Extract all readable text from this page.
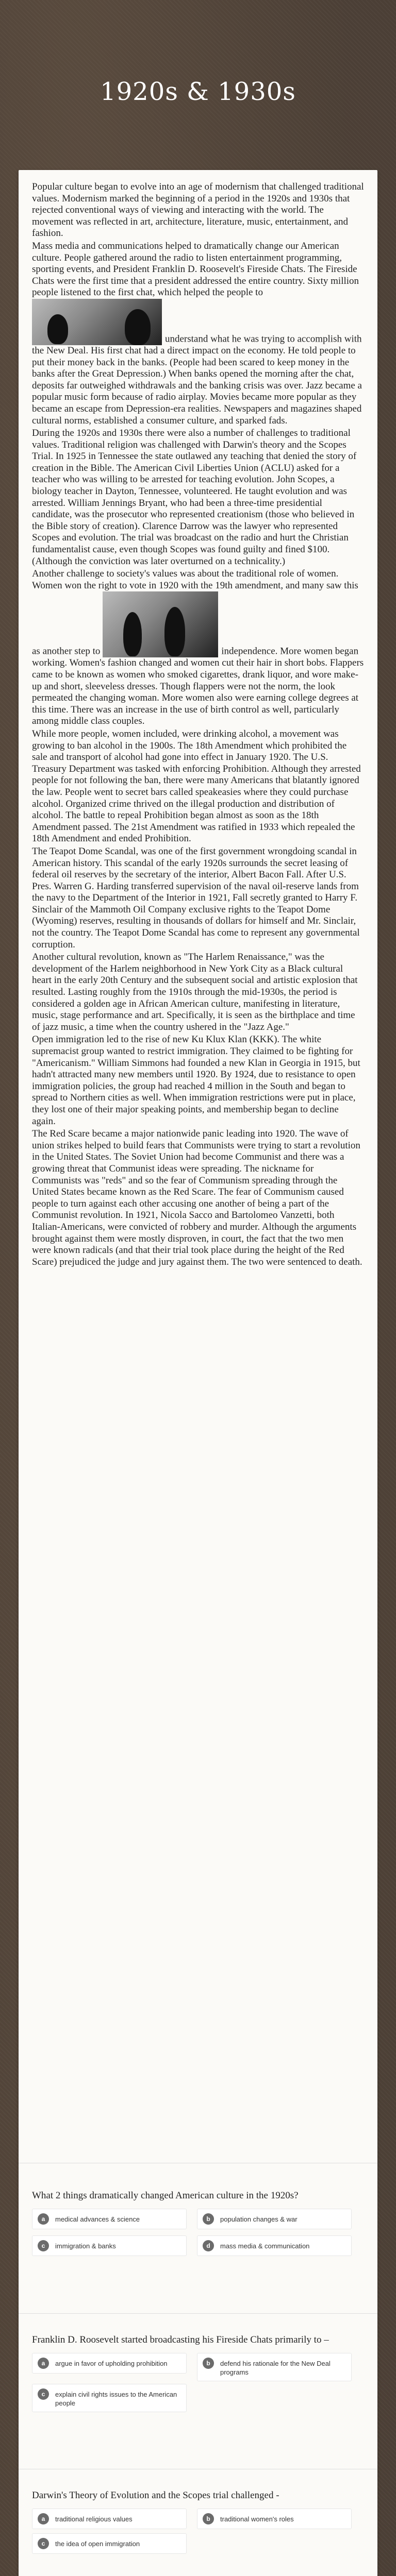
1920s & 1930s

Popular culture began to evolve into an age of modernism that challenged traditional values. Modernism marked the beginning of a period in the 1920s and 1930s that rejected conventional ways of viewing and interacting with the world. The movement was reflected in art, architecture, literature, music, entertainment, and fashion.

Mass media and communications helped to dramatically change our American culture. People gathered around the radio to listen entertainment programming, sporting events, and President Franklin D. Roosevelt's Fireside Chats. The Fireside Chats were the first time that a president addressed the entire country. Sixty million people listened to the first chat, which helped the people to

understand what he was trying to accomplish with the New Deal. His first chat had a direct impact on the economy. He told people to put their money back in the banks. (People had been scared to keep money in the banks after the Great Depression.) When banks opened the morning after the chat, deposits far outweighed withdrawals and the banking crisis was over. Jazz became a popular music form because of radio airplay. Movies became more popular as they became an escape from Depression-era realities. Newspapers and magazines shaped cultural norms, established a consumer culture, and sparked fads.

During the 1920s and 1930s there were also a number of challenges to traditional values. Traditional religion was challenged with Darwin's theory and the Scopes Trial. In 1925 in Tennessee the state outlawed any teaching that denied the story of creation in the Bible. The American Civil Liberties Union (ACLU) asked for a teacher who was willing to be arrested for teaching evolution. John Scopes, a biology teacher in Dayton, Tennessee, volunteered. He taught evolution and was arrested. William Jennings Bryant, who had been a three-time presidential candidate, was the prosecutor who represented creationism (those who believed in the Bible story of creation). Clarence Darrow was the lawyer who represented Scopes and evolution. The trial was broadcast on the radio and hurt the Christian fundamentalist cause, even though Scopes was found guilty and fined $100. (Although the conviction was later overturned on a technicality.)

Another challenge to society's values was about the traditional role of women. Women won the right to vote in 1920 with the 19th amendment, and many saw this as another step to	independence. More women began working. Women's fashion changed and women cut their hair in short bobs. Flappers came to be known as women who smoked cigarettes, drank liquor, and wore make-up and short, sleeveless dresses. Though flappers were not the norm, the look permeated the changing woman. More women also were earning college degrees at this time. There was an increase in the use of birth control as well, particularly among middle class couples.

While more people, women included, were drinking alcohol, a movement was growing to ban alcohol in the 1900s. The 18th Amendment which prohibited the sale and transport of alcohol had gone into effect in January 1920. The U.S. Treasury Department was tasked with enforcing Prohibition. Although they arrested people for not following the ban, there were many Americans that blatantly ignored the law. People went to secret bars called speakeasies where they could purchase alcohol. Organized crime thrived on the illegal production and distribution of alcohol. The battle to repeal Prohibition began almost as soon as the 18th Amendment passed. The 21st Amendment was ratified in 1933 which repealed the 18th Amendment and ended Prohibition.

The Teapot Dome Scandal, was one of the first government wrongdoing scandal in American history. This scandal of the early 1920s surrounds the secret leasing of federal oil reserves by the secretary of the interior, Albert Bacon Fall. After U.S. Pres. Warren G. Harding transferred supervision of the naval oil-reserve lands from the navy to the Department of the Interior in 1921, Fall secretly granted to Harry F. Sinclair of the Mammoth Oil Company exclusive rights to the Teapot Dome (Wyoming) reserves, resulting in thousands of dollars for himself and Mr. Sinclair, not the country. The Teapot Dome Scandal has come to represent any governmental corruption.

Another cultural revolution, known as "The Harlem Renaissance," was the development of the Harlem neighborhood in New York City as a Black cultural heart in the early 20th Century and the subsequent social and artistic explosion that resulted. Lasting roughly from the 1910s through the mid-1930s, the period is considered a golden age in African American culture, manifesting in literature, music, stage performance and art. Specifically, it is seen as the birthplace and time of jazz music, a time when the country ushered in the "Jazz Age."

Open immigration led to the rise of new Ku Klux Klan (KKK). The white supremacist group wanted to restrict immigration. They claimed to be fighting for "Americanism." William Simmons had founded a new Klan in Georgia in 1915, but hadn't attracted many new members until 1920. By 1924, due to resistance to open immigration policies, the group had reached 4 million in the South and began to spread to Northern cities as well. When immigration restrictions were put in place, they lost one of their major speaking points, and membership began to decline again.

The Red Scare became a major nationwide panic leading into 1920. The wave of union strikes helped to build fears that Communists were trying to start a revolution in the United States. The Soviet Union had become Communist and there was a growing threat that Communist ideas were spreading. The nickname for Communists was "reds" and so the fear of Communism spreading through the United States became known as the Red Scare. The fear of Communism caused people to turn against each other accusing one another of being a part of the Communist revolution. In 1921, Nicola Sacco and Bartolomeo Vanzetti, both Italian-Americans, were convicted of robbery and murder. Although the arguments brought against them were mostly disproven, in court, the fact that the two men were known radicals (and that their trial took place during the height of the Red Scare) prejudiced the judge and jury against them. The two were sentenced to death.

What 2 things dramatically changed American culture in the 1920s?

a	medical advances & science	b	population changes & war
c	immigration & banks	d	mass media & communication

Franklin D. Roosevelt started broadcasting his Fireside Chats primarily to –

a	argue in favor of upholding prohibition	b	defend his rationale for the New Deal programs
c	explain civil rights issues to the American people

Darwin's Theory of Evolution and the Scopes trial challenged -

a	traditional religious values	b	traditional women's roles
c	the idea of open immigration
